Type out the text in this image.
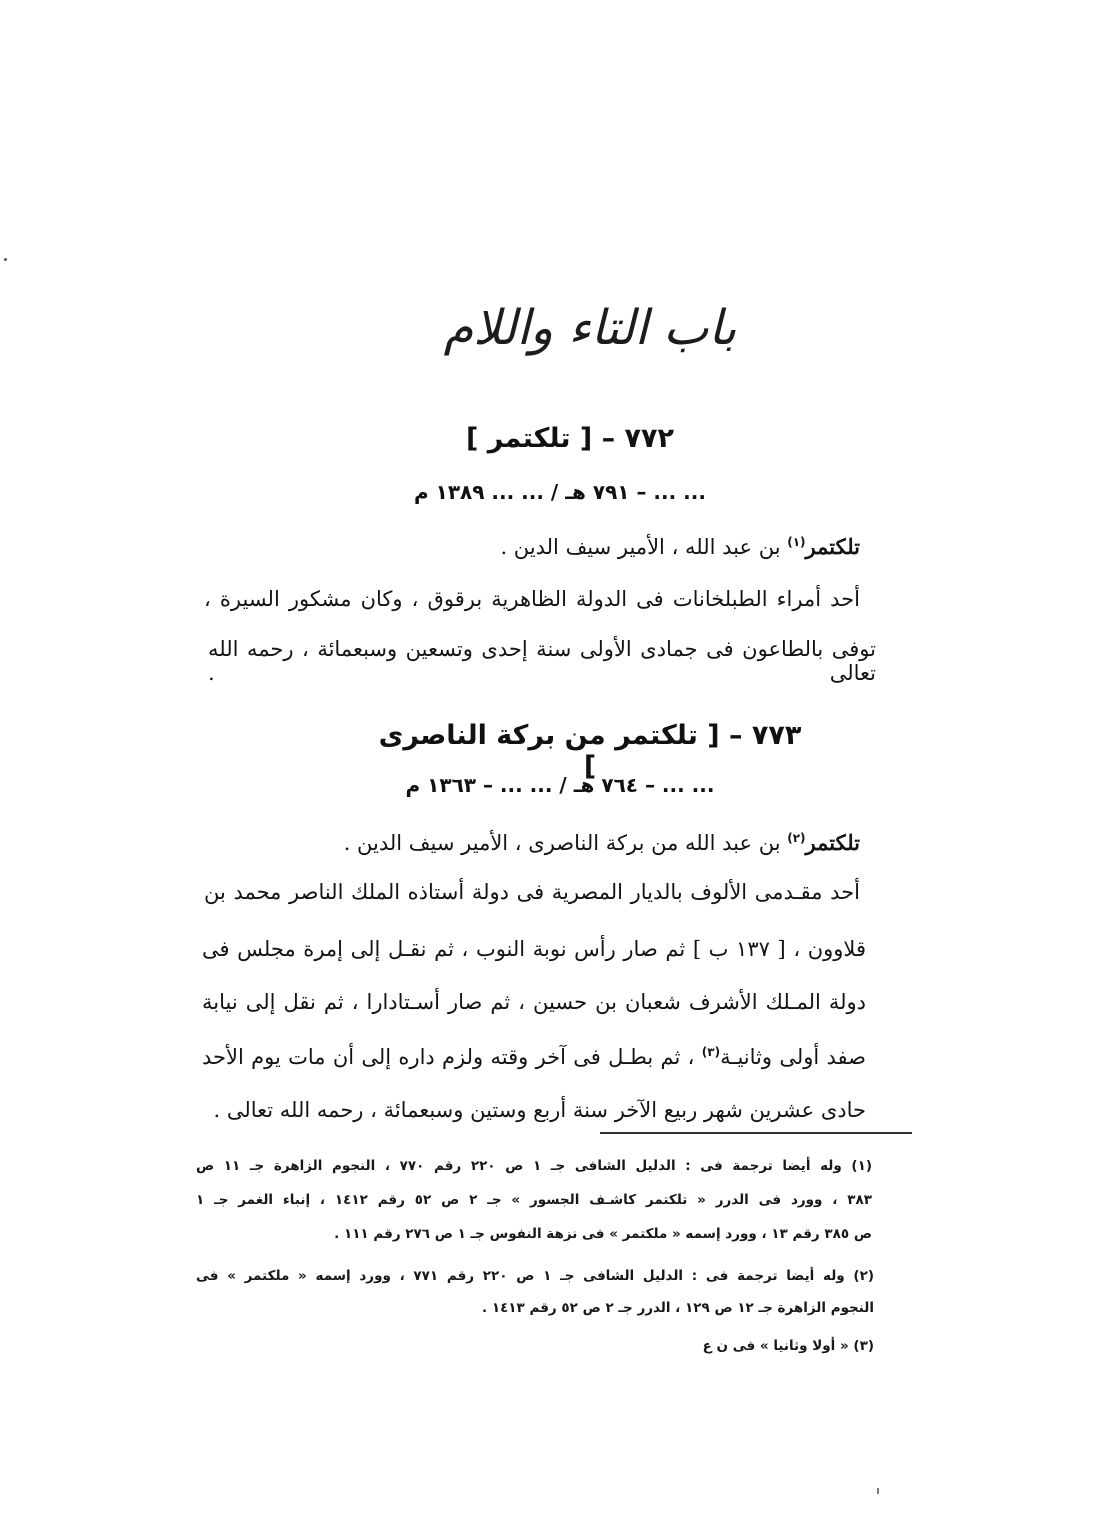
باب التاء واللام
٧٧٢ – [ تلكتمر ]
... ... – ٧٩١ هـ / ... ... ١٣٨٩ م
تلكتمر$^{(١)}$ بن عبد الله ، الأمير سيف الدين .
أحد أمراء الطبلخانات فى الدولة الظاهرية برقوق ، وكان مشكور السيرة ،
توفى بالطاعون فى جمادى الأولى سنة إحدى وتسعين وسبعمائة ، رحمه الله تعالى .
٧٧٣ – [ تلكتمر من بركة الناصرى ]
... ... – ٧٦٤ هـ / ... ... – ١٣٦٣ م
تلكتمر$^{(٢)}$ بن عبد الله من بركة الناصرى ، الأمير سيف الدين .
أحد مقـدمى الألوف بالديار المصرية فى دولة أستاذه الملك الناصر محمد بن
قلاوون ، [ ١٣٧ ب ] ثم صار رأس نوبة النوب ، ثم نقـل إلى إمرة مجلس فى
دولة المـلك الأشرف شعبان بن حسين ، ثم صار أسـتادارا ، ثم نقل إلى نيابة
صفد أولى وثانيـة$^{(٣)}$ ، ثم بطـل فى آخر وقته ولزم داره إلى أن مات يوم الأحد
حادى عشرين شهر ربيع الآخر سنة أربع وستين وسبعمائة ، رحمه الله تعالى .
(١) وله أيضا ترجمة فى : الدليل الشافى جـ ١ ص ٢٢٠ رقم ٧٧٠ ، النجوم الزاهرة جـ ١١ ص
٣٨٣ ، وورد فى الدرر « تلكتمر كاشـف الجسور » جـ ٢ ص ٥٢ رقم ١٤١٢ ، إنباء الغمر جـ ١
ص ٣٨٥ رقم ١٣ ، وورد إسمه « ملكتمر » فى نزهة النفوس جـ ١ ص ٢٧٦ رقم ١١١ .
(٢) وله أيضا ترجمة فى : الدليل الشافى جـ ١ ص ٢٢٠ رقم ٧٧١ ، وورد إسمه « ملكتمر » فى
النجوم الزاهرة جـ ١٢ ص ١٢٩ ، الدرر جـ ٢ ص ٥٢ رقم ١٤١٣ .
(٣) « أولا وثانيا » فى ن ع
